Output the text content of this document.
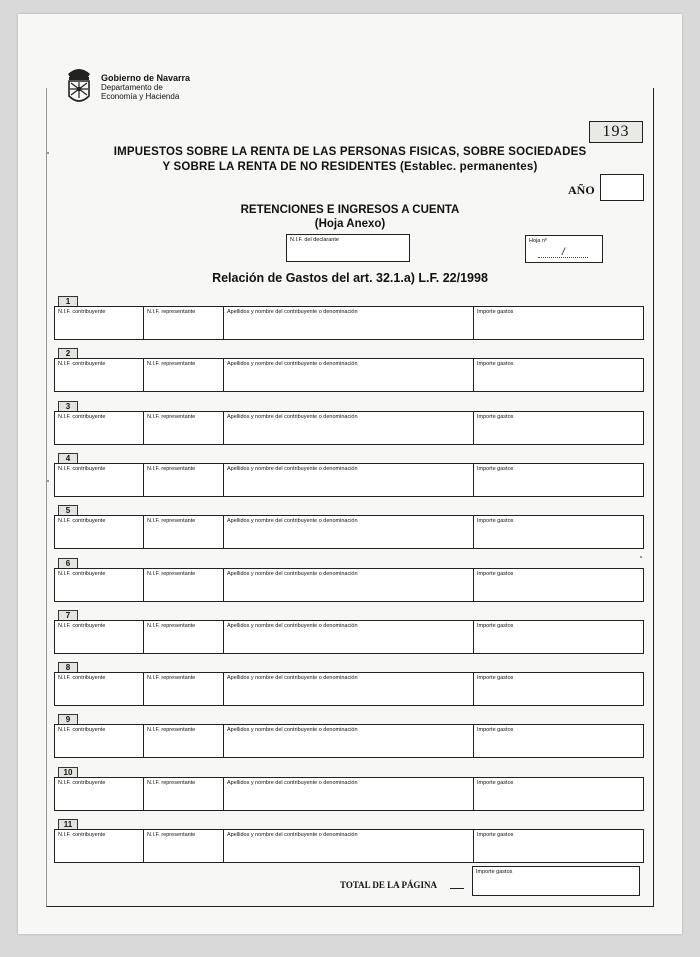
Gobierno de Navarra
Departamento de
Economía y Hacienda
193
IMPUESTOS SOBRE LA RENTA DE LAS PERSONAS FISICAS, SOBRE SOCIEDADES
Y SOBRE LA RENTA DE NO RESIDENTES (Establec. permanentes)
AÑO
RETENCIONES E INGRESOS A CUENTA
(Hoja Anexo)
N.I.F. del declarante	Hoja nº
/
Relación de Gastos del art. 32.1.a) L.F. 22/1998
1
N.I.F. contribuyente	N.I.F. representante	Apellidos y nombre del contribuyente o denominación	Importe gastos
2
N.I.F. contribuyente	N.I.F. representante	Apellidos y nombre del contribuyente o denominación	Importe gastos
3
N.I.F. contribuyente	N.I.F. representante	Apellidos y nombre del contribuyente o denominación	Importe gastos
4
N.I.F. contribuyente	N.I.F. representante	Apellidos y nombre del contribuyente o denominación	Importe gastos
5
N.I.F. contribuyente	N.I.F. representante	Apellidos y nombre del contribuyente o denominación	Importe gastos
6
N.I.F. contribuyente	N.I.F. representante	Apellidos y nombre del contribuyente o denominación	Importe gastos
7
N.I.F. contribuyente	N.I.F. representante	Apellidos y nombre del contribuyente o denominación	Importe gastos
8
N.I.F. contribuyente	N.I.F. representante	Apellidos y nombre del contribuyente o denominación	Importe gastos
9
N.I.F. contribuyente	N.I.F. representante	Apellidos y nombre del contribuyente o denominación	Importe gastos
10
N.I.F. contribuyente	N.I.F. representante	Apellidos y nombre del contribuyente o denominación	Importe gastos
11
N.I.F. contribuyente	N.I.F. representante	Apellidos y nombre del contribuyente o denominación	Importe gastos
TOTAL DE LA PÁGINA
Importe gastos
